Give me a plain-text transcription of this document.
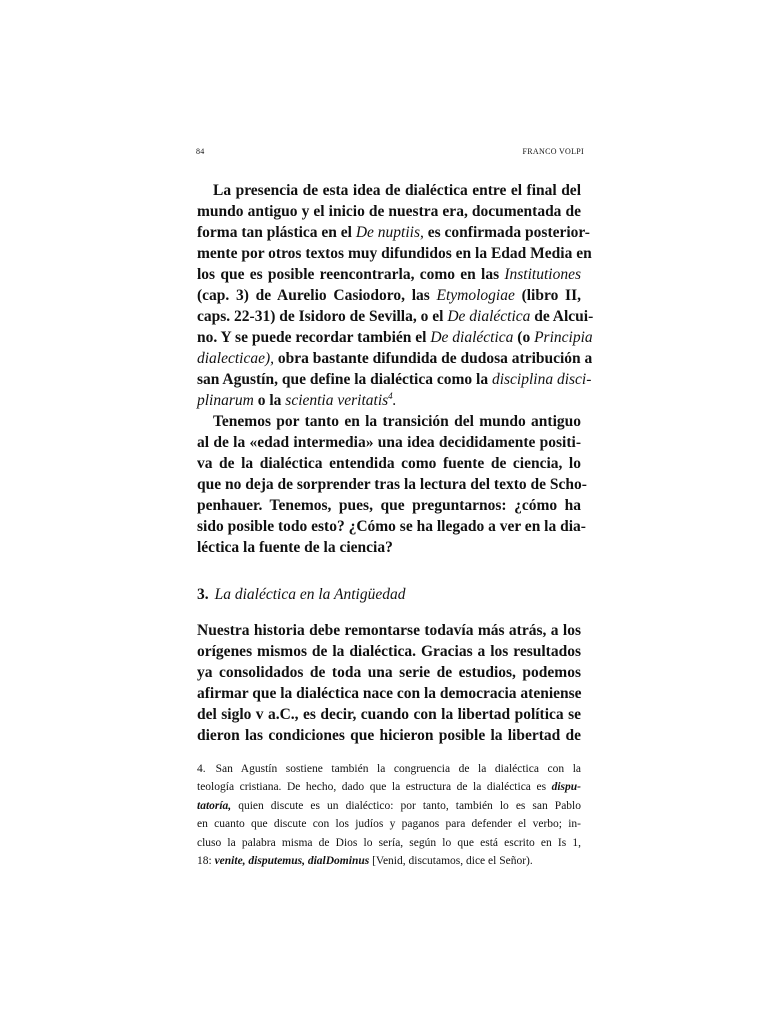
84	FRANCO VOLPI
La presencia de esta idea de dialéctica entre el final del
mundo antiguo y el inicio de nuestra era, documentada de
forma tan plástica en el De nuptiis, es confirmada posterior-
mente por otros textos muy difundidos en la Edad Media en
los que es posible reencontrarla, como en las Institutiones
(cap. 3) de Aurelio Casiodoro, las Etymologiae (libro II,
caps. 22-31) de Isidoro de Sevilla, o el De dialéctica de Alcui-
no. Y se puede recordar también el De dialéctica (o Principia
dialecticae), obra bastante difundida de dudosa atribución a
san Agustín, que define la dialéctica como la disciplina disci-
plinarum o la scientia veritatis$^4$.
Tenemos por tanto en la transición del mundo antiguo
al de la «edad intermedia» una idea decididamente positi-
va de la dialéctica entendida como fuente de ciencia, lo
que no deja de sorprender tras la lectura del texto de Scho-
penhauer. Tenemos, pues, que preguntarnos: ¿cómo ha
sido posible todo esto? ¿Cómo se ha llegado a ver en la dia-
léctica la fuente de la ciencia?
3. La dialéctica en la Antigüedad
Nuestra historia debe remontarse todavía más atrás, a los
orígenes mismos de la dialéctica. Gracias a los resultados
ya consolidados de toda una serie de estudios, podemos
afirmar que la dialéctica nace con la democracia ateniense
del siglo v a.C., es decir, cuando con la libertad política se
dieron las condiciones que hicieron posible la libertad de
4. San Agustín sostiene también la congruencia de la dialéctica con la
teología cristiana. De hecho, dado que la estructura de la dialéctica es dispu-
tatoría, quien discute es un dialéctico: por tanto, también lo es san Pablo
en cuanto que discute con los judíos y paganos para defender el verbo; in-
cluso la palabra misma de Dios lo sería, según lo que está escrito en Is 1,
18: venite, disputemus, dialDominus [Venid, discutamos, dice el Señor).
